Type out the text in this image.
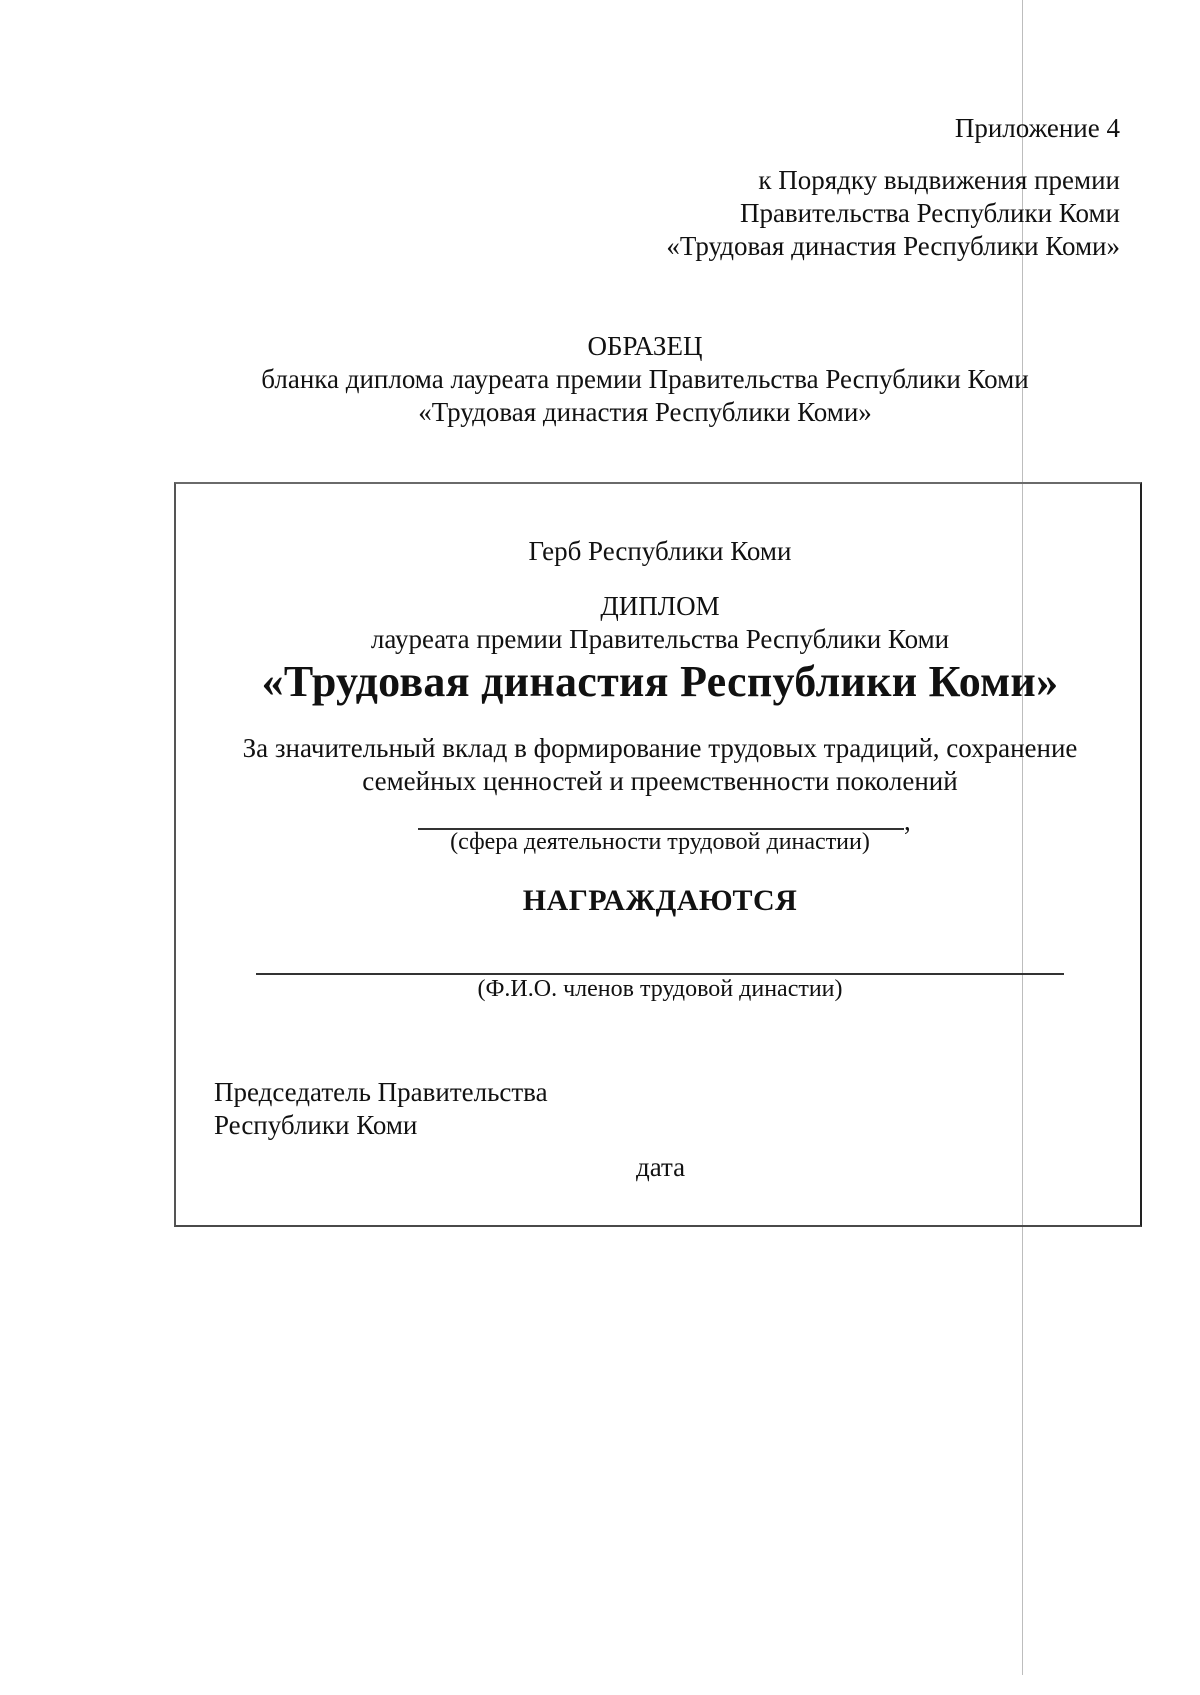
Приложение 4
к Порядку выдвижения премии
Правительства Республики Коми
«Трудовая династия Республики Коми»
ОБРАЗЕЦ
бланка диплома лауреата премии Правительства Республики Коми
«Трудовая династия Республики Коми»
Герб Республики Коми
ДИПЛОМ
лауреата премии Правительства Республики Коми
«Трудовая династия Республики Коми»
За значительный вклад в формирование трудовых традиций, сохранение
семейных ценностей и преемственности поколений
,
(сфера деятельности трудовой династии)
НАГРАЖДАЮТСЯ
(Ф.И.О. членов трудовой династии)
Председатель Правительства
Республики Коми
дата
